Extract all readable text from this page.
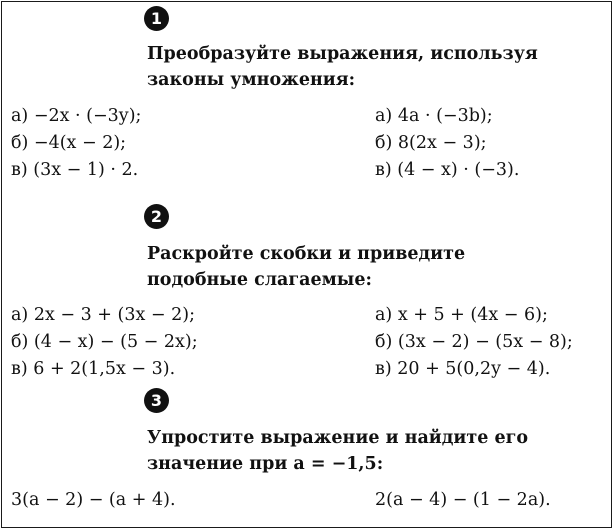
1
Преобразуйте выражения, используя
законы умножения:
а) −2x · (−3y);
б) −4(x − 2);
в) (3x − 1) · 2.
а) 4a · (−3b);
б) 8(2x − 3);
в) (4 − x) · (−3).
2
Раскройте скобки и приведите
подобные слагаемые:
а) 2x − 3 + (3x − 2);
б) (4 − x) − (5 − 2x);
в) 6 + 2(1,5x − 3).
а) x + 5 + (4x − 6);
б) (3x − 2) − (5x − 8);
в) 20 + 5(0,2y − 4).
3
Упростите выражение и найдите его
значение при a = −1,5:
3(a − 2) − (a + 4).	2(a − 4) − (1 − 2a).
